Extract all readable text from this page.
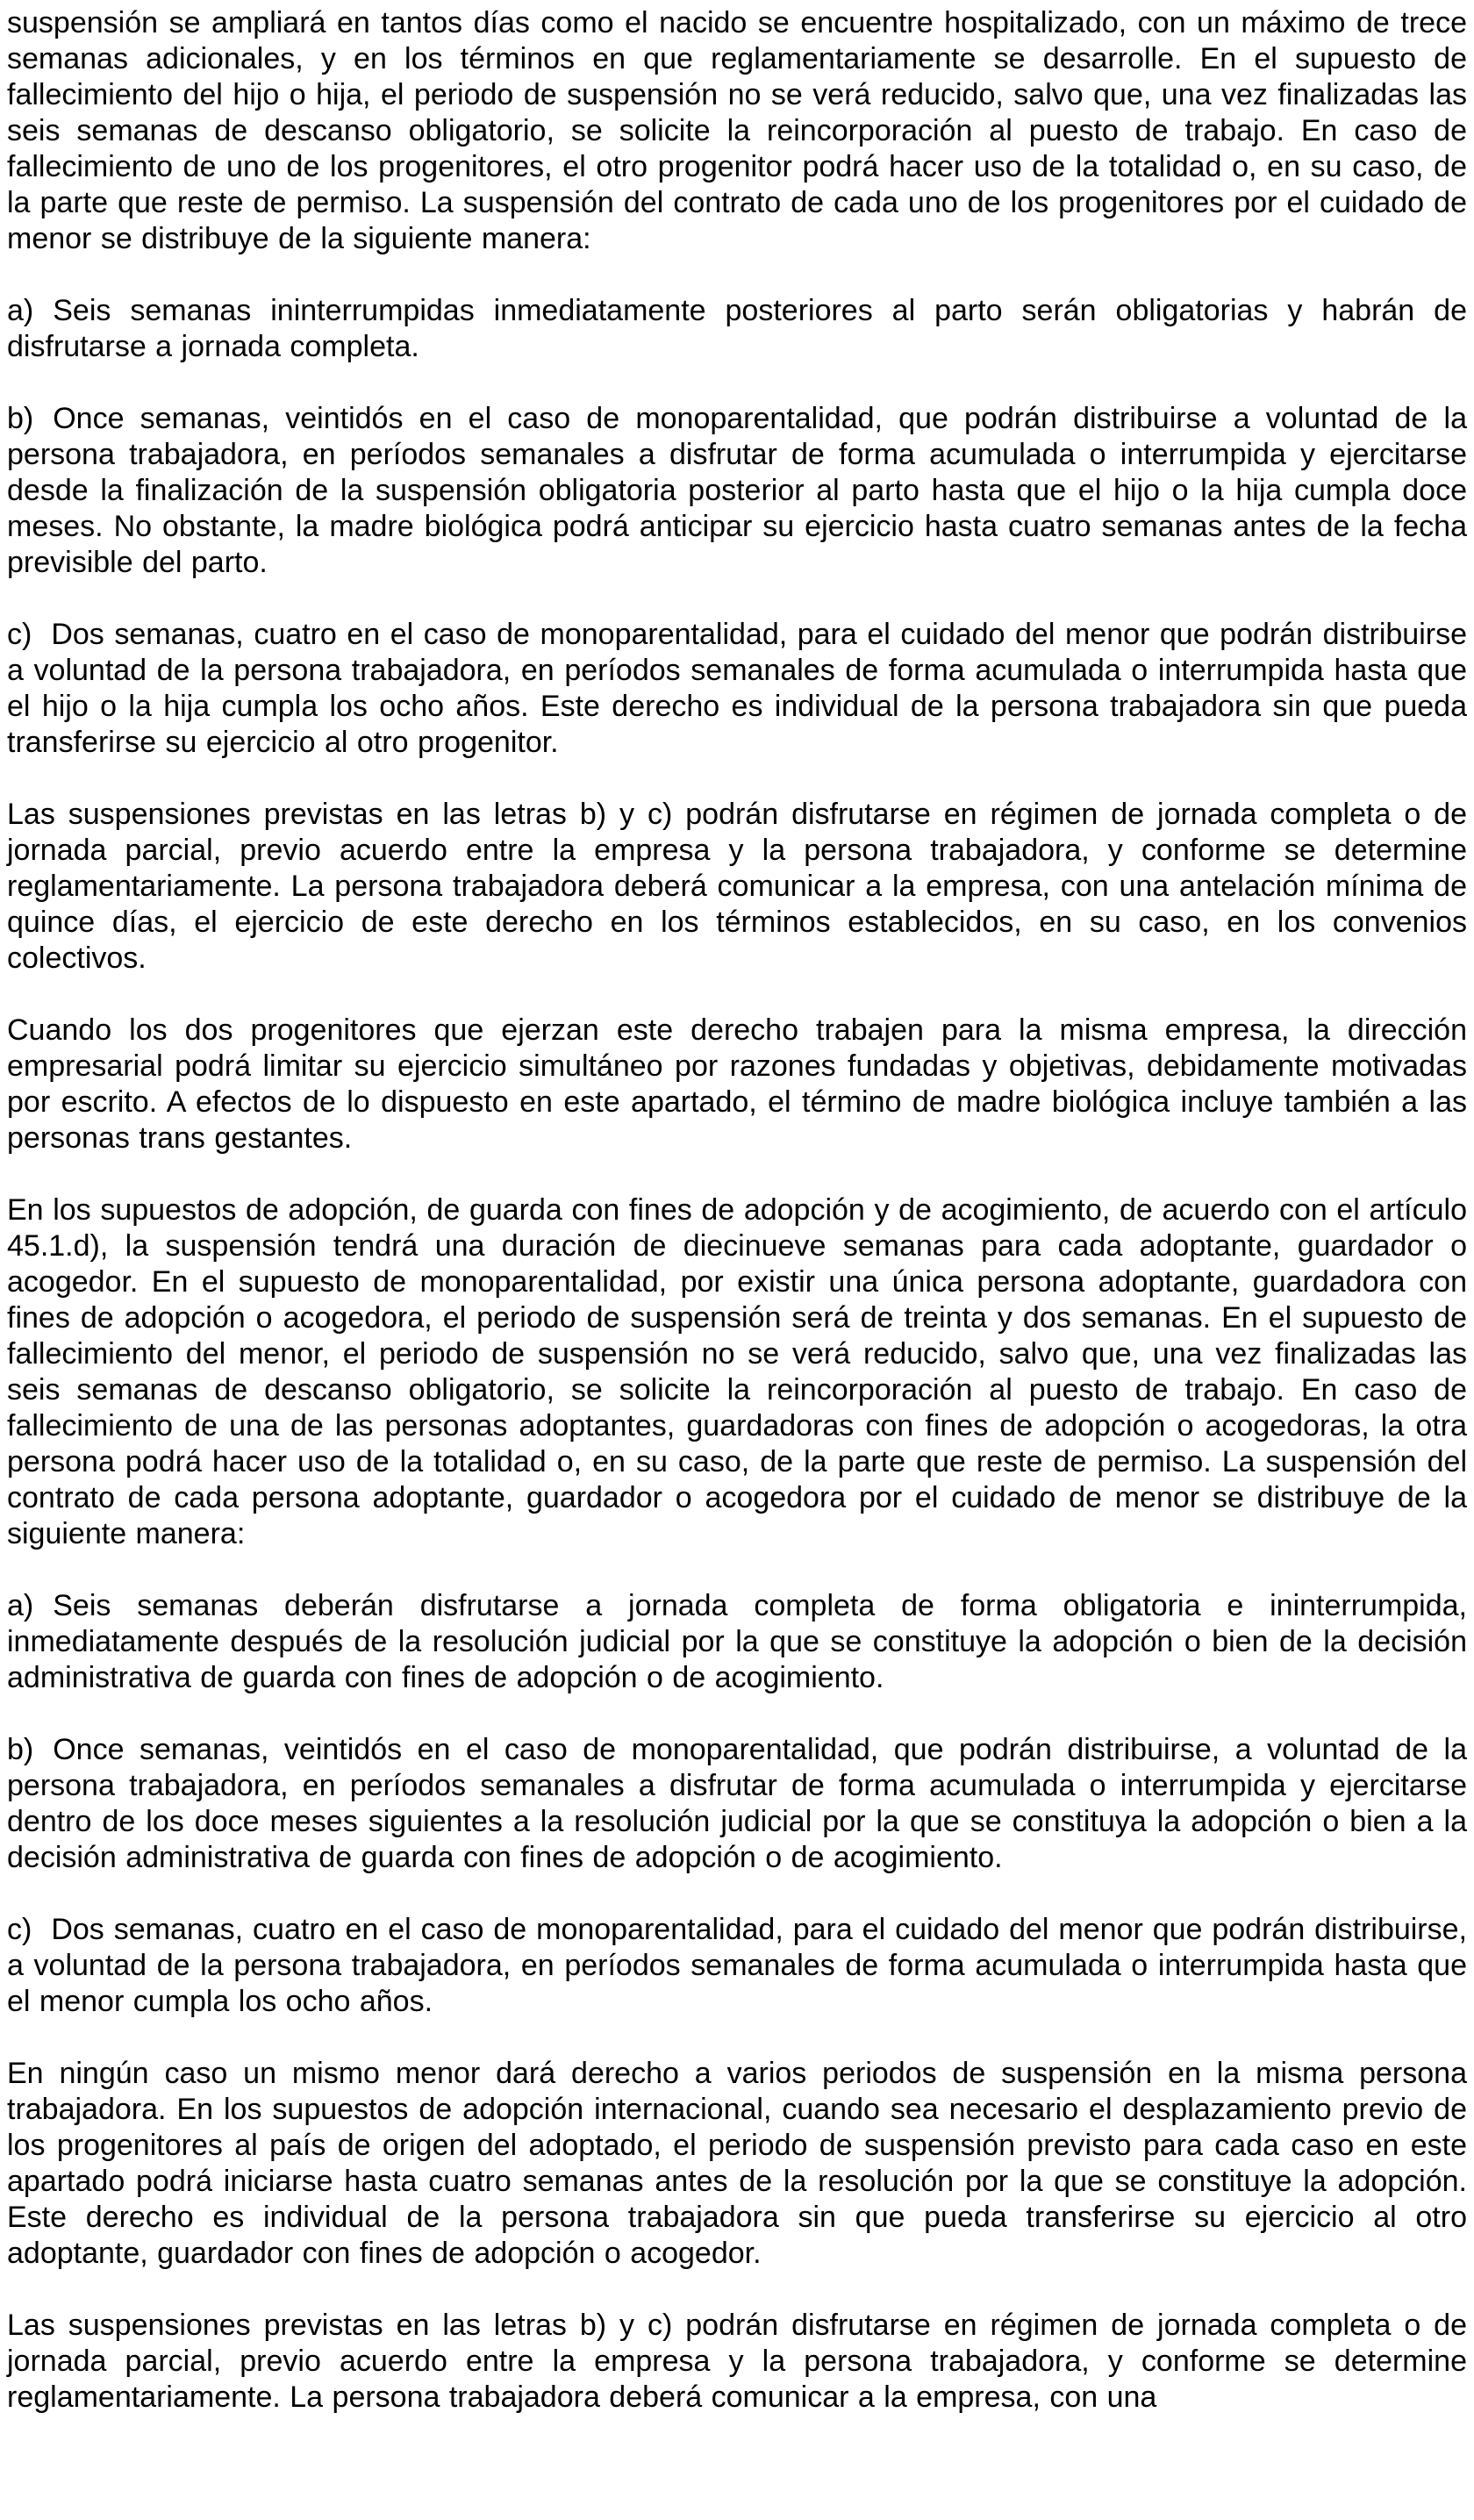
suspensión se ampliará en tantos días como el nacido se encuentre hospitalizado, con un máximo de trece semanas adicionales, y en los términos en que reglamentariamente se desarrolle. En el supuesto de fallecimiento del hijo o hija, el periodo de suspensión no se verá reducido, salvo que, una vez finalizadas las seis semanas de descanso obligatorio, se solicite la reincorporación al puesto de trabajo. En caso de fallecimiento de uno de los progenitores, el otro progenitor podrá hacer uso de la totalidad o, en su caso, de la parte que reste de permiso. La suspensión del contrato de cada uno de los progenitores por el cuidado de menor se distribuye de la siguiente manera:

a) Seis semanas ininterrumpidas inmediatamente posteriores al parto serán obligatorias y habrán de disfrutarse a jornada completa.

b) Once semanas, veintidós en el caso de monoparentalidad, que podrán distribuirse a voluntad de la persona trabajadora, en períodos semanales a disfrutar de forma acumulada o interrumpida y ejercitarse desde la finalización de la suspensión obligatoria posterior al parto hasta que el hijo o la hija cumpla doce meses. No obstante, la madre biológica podrá anticipar su ejercicio hasta cuatro semanas antes de la fecha previsible del parto.

c) Dos semanas, cuatro en el caso de monoparentalidad, para el cuidado del menor que podrán distribuirse a voluntad de la persona trabajadora, en períodos semanales de forma acumulada o interrumpida hasta que el hijo o la hija cumpla los ocho años. Este derecho es individual de la persona trabajadora sin que pueda transferirse su ejercicio al otro progenitor.

Las suspensiones previstas en las letras b) y c) podrán disfrutarse en régimen de jornada completa o de jornada parcial, previo acuerdo entre la empresa y la persona trabajadora, y conforme se determine reglamentariamente. La persona trabajadora deberá comunicar a la empresa, con una antelación mínima de quince días, el ejercicio de este derecho en los términos establecidos, en su caso, en los convenios colectivos.

Cuando los dos progenitores que ejerzan este derecho trabajen para la misma empresa, la dirección empresarial podrá limitar su ejercicio simultáneo por razones fundadas y objetivas, debidamente motivadas por escrito. A efectos de lo dispuesto en este apartado, el término de madre biológica incluye también a las personas trans gestantes.

En los supuestos de adopción, de guarda con fines de adopción y de acogimiento, de acuerdo con el artículo 45.1.d), la suspensión tendrá una duración de diecinueve semanas para cada adoptante, guardador o acogedor. En el supuesto de monoparentalidad, por existir una única persona adoptante, guardadora con fines de adopción o acogedora, el periodo de suspensión será de treinta y dos semanas. En el supuesto de fallecimiento del menor, el periodo de suspensión no se verá reducido, salvo que, una vez finalizadas las seis semanas de descanso obligatorio, se solicite la reincorporación al puesto de trabajo. En caso de fallecimiento de una de las personas adoptantes, guardadoras con fines de adopción o acogedoras, la otra persona podrá hacer uso de la totalidad o, en su caso, de la parte que reste de permiso. La suspensión del contrato de cada persona adoptante, guardador o acogedora por el cuidado de menor se distribuye de la siguiente manera:

a) Seis semanas deberán disfrutarse a jornada completa de forma obligatoria e ininterrumpida, inmediatamente después de la resolución judicial por la que se constituye la adopción o bien de la decisión administrativa de guarda con fines de adopción o de acogimiento.

b) Once semanas, veintidós en el caso de monoparentalidad, que podrán distribuirse, a voluntad de la persona trabajadora, en períodos semanales a disfrutar de forma acumulada o interrumpida y ejercitarse dentro de los doce meses siguientes a la resolución judicial por la que se constituya la adopción o bien a la decisión administrativa de guarda con fines de adopción o de acogimiento.

c) Dos semanas, cuatro en el caso de monoparentalidad, para el cuidado del menor que podrán distribuirse, a voluntad de la persona trabajadora, en períodos semanales de forma acumulada o interrumpida hasta que el menor cumpla los ocho años.

En ningún caso un mismo menor dará derecho a varios periodos de suspensión en la misma persona trabajadora. En los supuestos de adopción internacional, cuando sea necesario el desplazamiento previo de los progenitores al país de origen del adoptado, el periodo de suspensión previsto para cada caso en este apartado podrá iniciarse hasta cuatro semanas antes de la resolución por la que se constituye la adopción. Este derecho es individual de la persona trabajadora sin que pueda transferirse su ejercicio al otro adoptante, guardador con fines de adopción o acogedor.

Las suspensiones previstas en las letras b) y c) podrán disfrutarse en régimen de jornada completa o de jornada parcial, previo acuerdo entre la empresa y la persona trabajadora, y conforme se determine reglamentariamente. La persona trabajadora deberá comunicar a la empresa, con una
